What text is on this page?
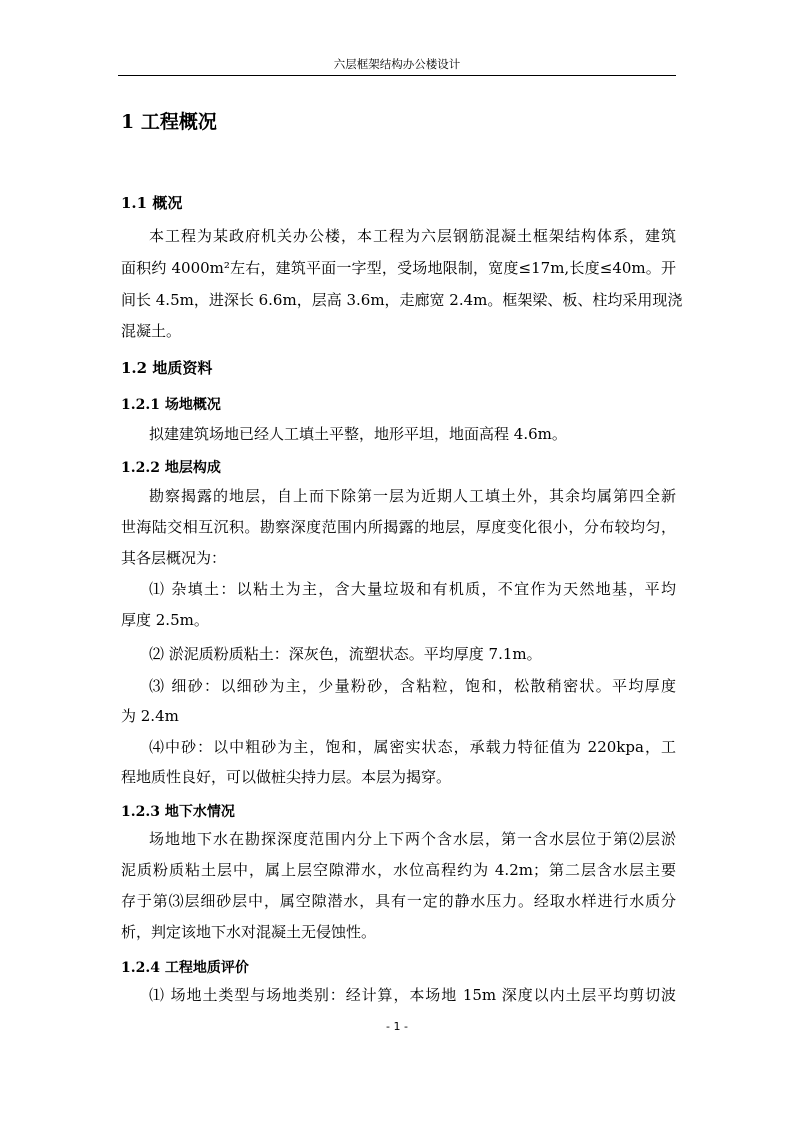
六层框架结构办公楼设计
1 工程概况
1.1 概况
本工程为某政府机关办公楼，本工程为六层钢筋混凝土框架结构体系，建筑
面积约 4000m²左右，建筑平面一字型，受场地限制，宽度≤17m,长度≤40m。开
间长 4.5m，进深长 6.6m，层高 3.6m，走廊宽 2.4m。框架梁、板、柱均采用现浇
混凝土。
1.2 地质资料
1.2.1 场地概况
拟建建筑场地已经人工填土平整，地形平坦，地面高程 4.6m。
1.2.2 地层构成
勘察揭露的地层，自上而下除第一层为近期人工填土外，其余均属第四全新
世海陆交相互沉积。勘察深度范围内所揭露的地层，厚度变化很小，分布较均匀，
其各层概况为：
⑴ 杂填土：以粘土为主，含大量垃圾和有机质，不宜作为天然地基，平均
厚度 2.5m。
⑵ 淤泥质粉质粘土：深灰色，流塑状态。平均厚度 7.1m。
⑶ 细砂：以细砂为主，少量粉砂，含粘粒，饱和，松散稍密状。平均厚度
为 2.4m
⑷中砂：以中粗砂为主，饱和，属密实状态，承载力特征值为 220kpa，工
程地质性良好，可以做桩尖持力层。本层为揭穿。
1.2.3 地下水情况
场地地下水在勘探深度范围内分上下两个含水层，第一含水层位于第⑵层淤
泥质粉质粘土层中，属上层空隙滞水，水位高程约为 4.2m；第二层含水层主要
存于第⑶层细砂层中，属空隙潜水，具有一定的静水压力。经取水样进行水质分
析，判定该地下水对混凝土无侵蚀性。
1.2.4 工程地质评价
⑴ 场地土类型与场地类别：经计算，本场地 15m 深度以内土层平均剪切波
- 1 -
